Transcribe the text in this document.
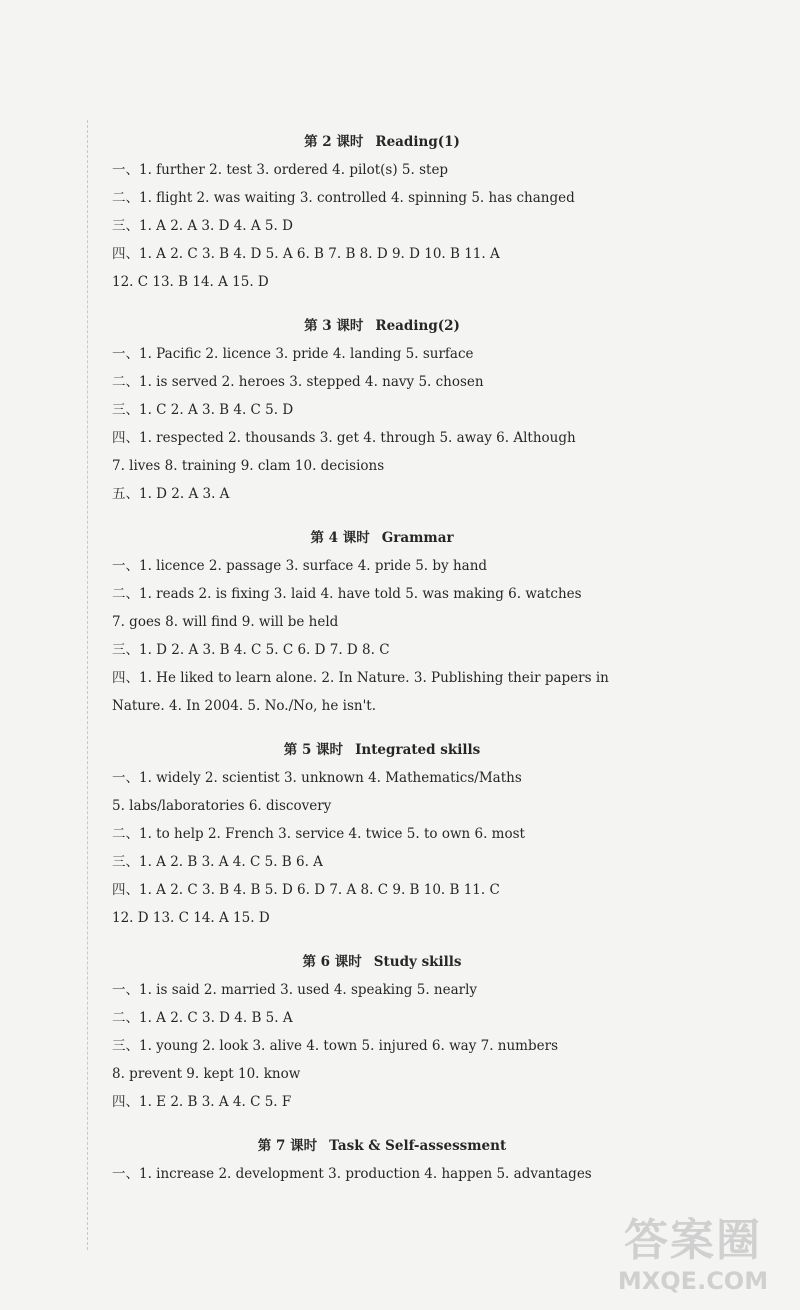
第 2 课时 Reading(1)
一、1. further 2. test 3. ordered 4. pilot(s) 5. step
二、1. flight 2. was waiting 3. controlled 4. spinning 5. has changed
三、1. A 2. A 3. D 4. A 5. D
四、1. A 2. C 3. B 4. D 5. A 6. B 7. B 8. D 9. D 10. B 11. A
12. C 13. B 14. A 15. D
第 3 课时 Reading(2)
一、1. Pacific 2. licence 3. pride 4. landing 5. surface
二、1. is served 2. heroes 3. stepped 4. navy 5. chosen
三、1. C 2. A 3. B 4. C 5. D
四、1. respected 2. thousands 3. get 4. through 5. away 6. Although
7. lives 8. training 9. clam 10. decisions
五、1. D 2. A 3. A
第 4 课时 Grammar
一、1. licence 2. passage 3. surface 4. pride 5. by hand
二、1. reads 2. is fixing 3. laid 4. have told 5. was making 6. watches
7. goes 8. will find 9. will be held
三、1. D 2. A 3. B 4. C 5. C 6. D 7. D 8. C
四、1. He liked to learn alone. 2. In Nature. 3. Publishing their papers in
Nature. 4. In 2004. 5. No./No, he isn't.
第 5 课时 Integrated skills
一、1. widely 2. scientist 3. unknown 4. Mathematics/Maths
5. labs/laboratories 6. discovery
二、1. to help 2. French 3. service 4. twice 5. to own 6. most
三、1. A 2. B 3. A 4. C 5. B 6. A
四、1. A 2. C 3. B 4. B 5. D 6. D 7. A 8. C 9. B 10. B 11. C
12. D 13. C 14. A 15. D
第 6 课时 Study skills
一、1. is said 2. married 3. used 4. speaking 5. nearly
二、1. A 2. C 3. D 4. B 5. A
三、1. young 2. look 3. alive 4. town 5. injured 6. way 7. numbers
8. prevent 9. kept 10. know
四、1. E 2. B 3. A 4. C 5. F
第 7 课时 Task & Self-assessment
一、1. increase 2. development 3. production 4. happen 5. advantages
答案圈
MXQE.COM
